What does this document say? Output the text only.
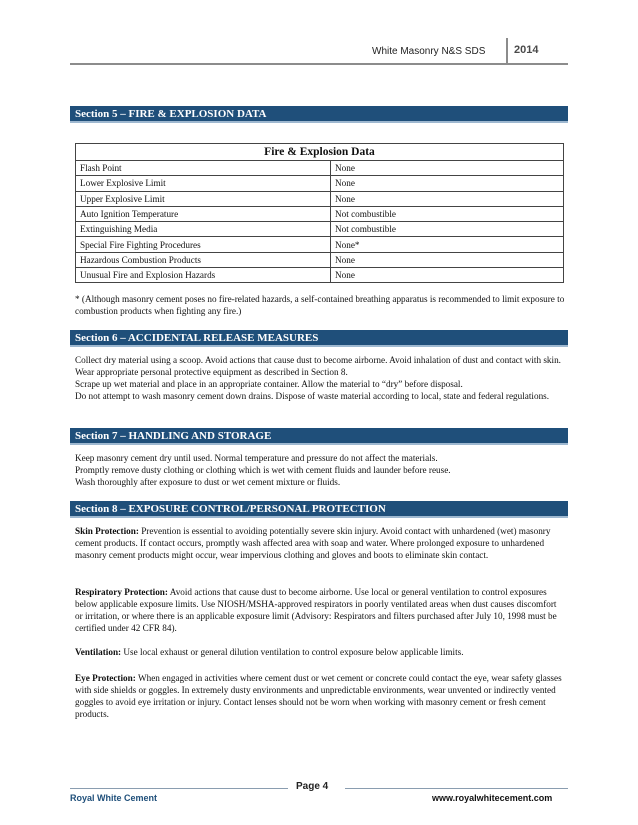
White Masonry N&S SDS	2014
Section 5 – FIRE & EXPLOSION DATA
Fire & Explosion Data	
Flash Point	None
Lower Explosive Limit	None
Upper Explosive Limit	None
Auto Ignition Temperature	Not combustible
Extinguishing Media	Not combustible
Special Fire Fighting Procedures	None*
Hazardous Combustion Products	None
Unusual Fire and Explosion Hazards	None
* (Although masonry cement poses no fire-related hazards, a self-contained breathing apparatus is recommended to limit exposure to combustion products when fighting any fire.)
Section 6 – ACCIDENTAL RELEASE MEASURES

Collect dry material using a scoop. Avoid actions that cause dust to become airborne. Avoid inhalation of dust and contact with skin. Wear appropriate personal protective equipment as described in Section 8.

Scrape up wet material and place in an appropriate container. Allow the material to “dry” before disposal.

Do not attempt to wash masonry cement down drains. Dispose of waste material according to local, state and federal regulations.

Section 7 – HANDLING AND STORAGE

Keep masonry cement dry until used. Normal temperature and pressure do not affect the materials.

Promptly remove dusty clothing or clothing which is wet with cement fluids and launder before reuse.

Wash thoroughly after exposure to dust or wet cement mixture or fluids.

Section 8 – EXPOSURE CONTROL/PERSONAL PROTECTION

Skin Protection: Prevention is essential to avoiding potentially severe skin injury. Avoid contact with unhardened (wet) masonry cement products. If contact occurs, promptly wash affected area with soap and water. Where prolonged exposure to unhardened masonry cement products might occur, wear impervious clothing and gloves and boots to eliminate skin contact.

Respiratory Protection: Avoid actions that cause dust to become airborne. Use local or general ventilation to control exposures below applicable exposure limits. Use NIOSH/MSHA-approved respirators in poorly ventilated areas when dust causes discomfort or irritation, or where there is an applicable exposure limit (Advisory: Respirators and filters purchased after July 10, 1998 must be certified under 42 CFR 84).

Ventilation: Use local exhaust or general dilution ventilation to control exposure below applicable limits.

Eye Protection: When engaged in activities where cement dust or wet cement or concrete could contact the eye, wear safety glasses with side shields or goggles. In extremely dusty environments and unpredictable environments, wear unvented or indirectly vented goggles to avoid eye irritation or injury. Contact lenses should not be worn when working with masonry cement or fresh cement products.

Page 4
Royal White Cement	www.royalwhitecement.com
